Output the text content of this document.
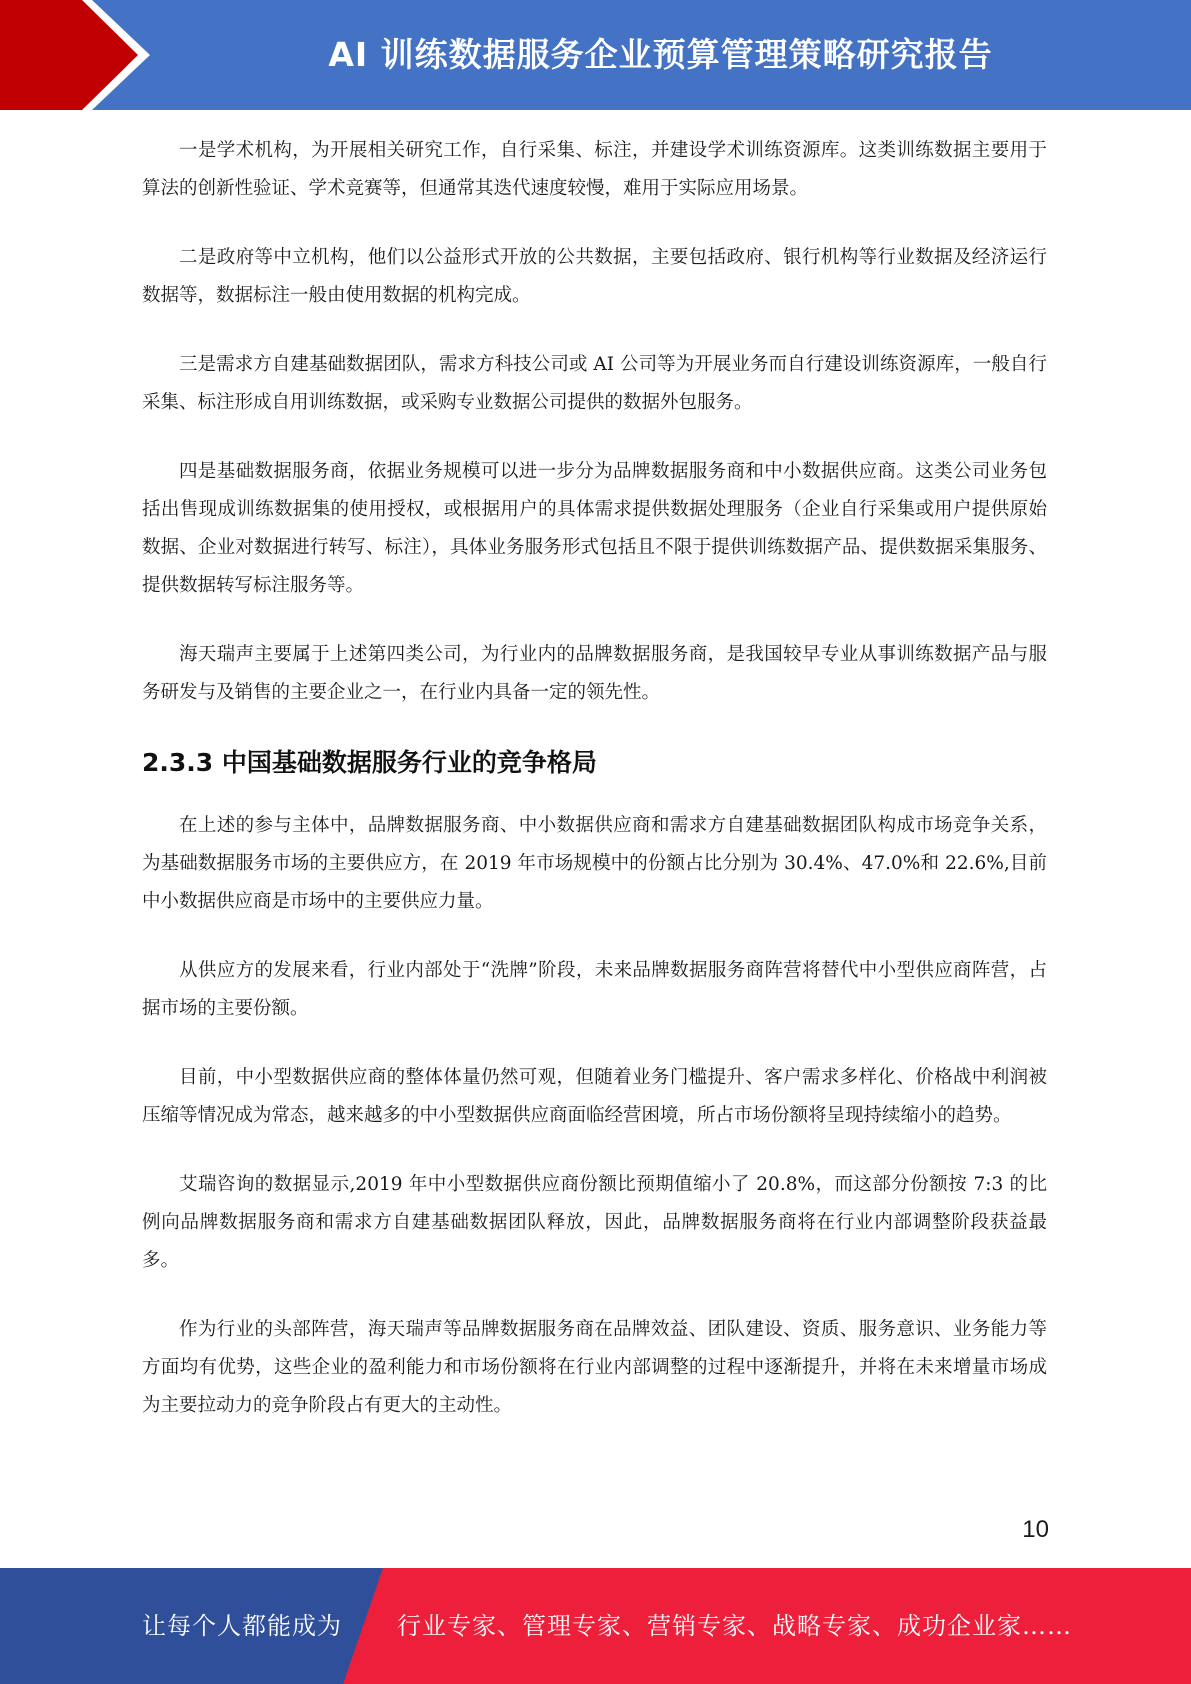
AI 训练数据服务企业预算管理策略研究报告

一是学术机构，为开展相关研究工作，自行采集、标注，并建设学术训练资源库。这类训练数据主要用于算法的创新性验证、学术竞赛等，但通常其迭代速度较慢，难用于实际应用场景。

二是政府等中立机构，他们以公益形式开放的公共数据，主要包括政府、银行机构等行业数据及经济运行数据等，数据标注一般由使用数据的机构完成。

三是需求方自建基础数据团队，需求方科技公司或 AI 公司等为开展业务而自行建设训练资源库，一般自行采集、标注形成自用训练数据，或采购专业数据公司提供的数据外包服务。

四是基础数据服务商，依据业务规模可以进一步分为品牌数据服务商和中小数据供应商。这类公司业务包括出售现成训练数据集的使用授权，或根据用户的具体需求提供数据处理服务（企业自行采集或用户提供原始数据、企业对数据进行转写、标注），具体业务服务形式包括且不限于提供训练数据产品、提供数据采集服务、提供数据转写标注服务等。

海天瑞声主要属于上述第四类公司，为行业内的品牌数据服务商，是我国较早专业从事训练数据产品与服务研发与及销售的主要企业之一，在行业内具备一定的领先性。

2.3.3 中国基础数据服务行业的竞争格局

在上述的参与主体中，品牌数据服务商、中小数据供应商和需求方自建基础数据团队构成市场竞争关系，为基础数据服务市场的主要供应方，在 2019 年市场规模中的份额占比分别为 30.4%、47.0%和 22.6%,目前中小数据供应商是市场中的主要供应力量。

从供应方的发展来看，行业内部处于“洗牌”阶段，未来品牌数据服务商阵营将替代中小型供应商阵营，占据市场的主要份额。

目前，中小型数据供应商的整体体量仍然可观，但随着业务门槛提升、客户需求多样化、价格战中利润被压缩等情况成为常态，越来越多的中小型数据供应商面临经营困境，所占市场份额将呈现持续缩小的趋势。

艾瑞咨询的数据显示,2019 年中小型数据供应商份额比预期值缩小了 20.8%，而这部分份额按 7:3 的比例向品牌数据服务商和需求方自建基础数据团队释放，因此，品牌数据服务商将在行业内部调整阶段获益最多。

作为行业的头部阵营，海天瑞声等品牌数据服务商在品牌效益、团队建设、资质、服务意识、业务能力等方面均有优势，这些企业的盈利能力和市场份额将在行业内部调整的过程中逐渐提升，并将在未来增量市场成为主要拉动力的竞争阶段占有更大的主动性。

10
让每个人都能成为 行业专家、管理专家、营销专家、战略专家、成功企业家……
